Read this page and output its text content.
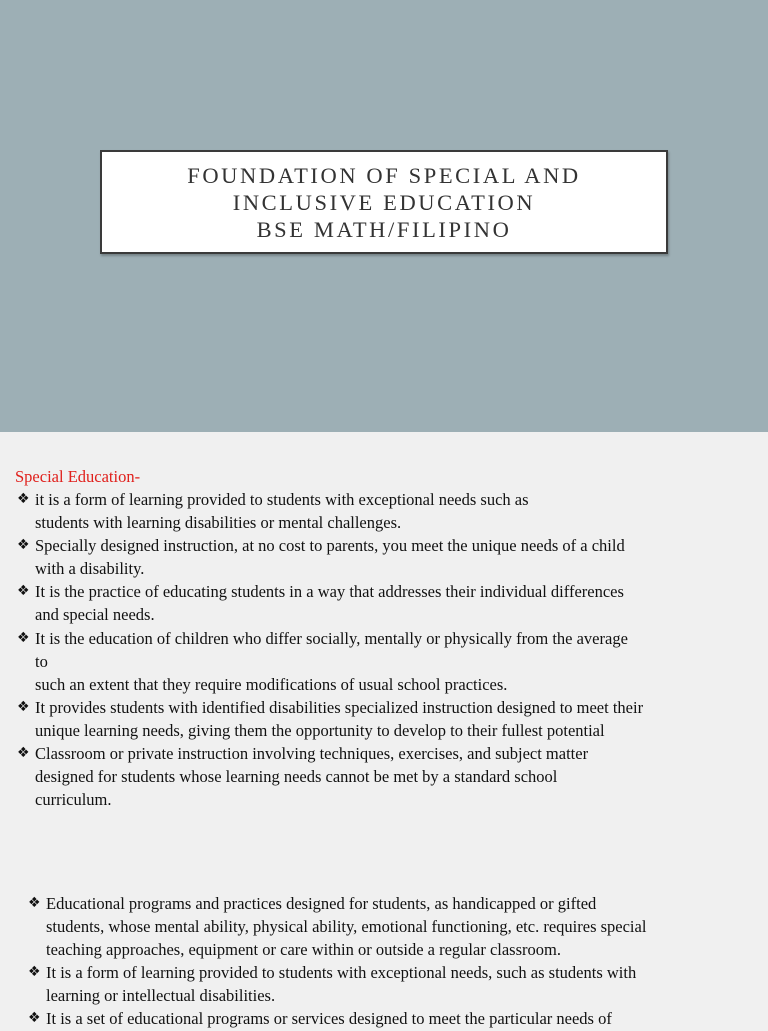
FOUNDATION OF SPECIAL AND
INCLUSIVE EDUCATION
BSE MATH/FILIPINO
Special Education-
❖ it is a form of learning provided to students with exceptional needs such as
students with learning disabilities or mental challenges.
❖ Specially designed instruction, at no cost to parents, you meet the unique needs of a child
with a disability.
❖ It is the practice of educating students in a way that addresses their individual differences
and special needs.
❖ It is the education of children who differ socially, mentally or physically from the average
to
such an extent that they require modifications of usual school practices.
❖ It provides students with identified disabilities specialized instruction designed to meet their
unique learning needs, giving them the opportunity to develop to their fullest potential
❖ Classroom or private instruction involving techniques, exercises, and subject matter
designed for students whose learning needs cannot be met by a standard school
curriculum.
❖ Educational programs and practices designed for students, as handicapped or gifted
students, whose mental ability, physical ability, emotional functioning, etc. requires special
teaching approaches, equipment or care within or outside a regular classroom.
❖ It is a form of learning provided to students with exceptional needs, such as students with
learning or intellectual disabilities.
❖ It is a set of educational programs or services designed to meet the particular needs of
